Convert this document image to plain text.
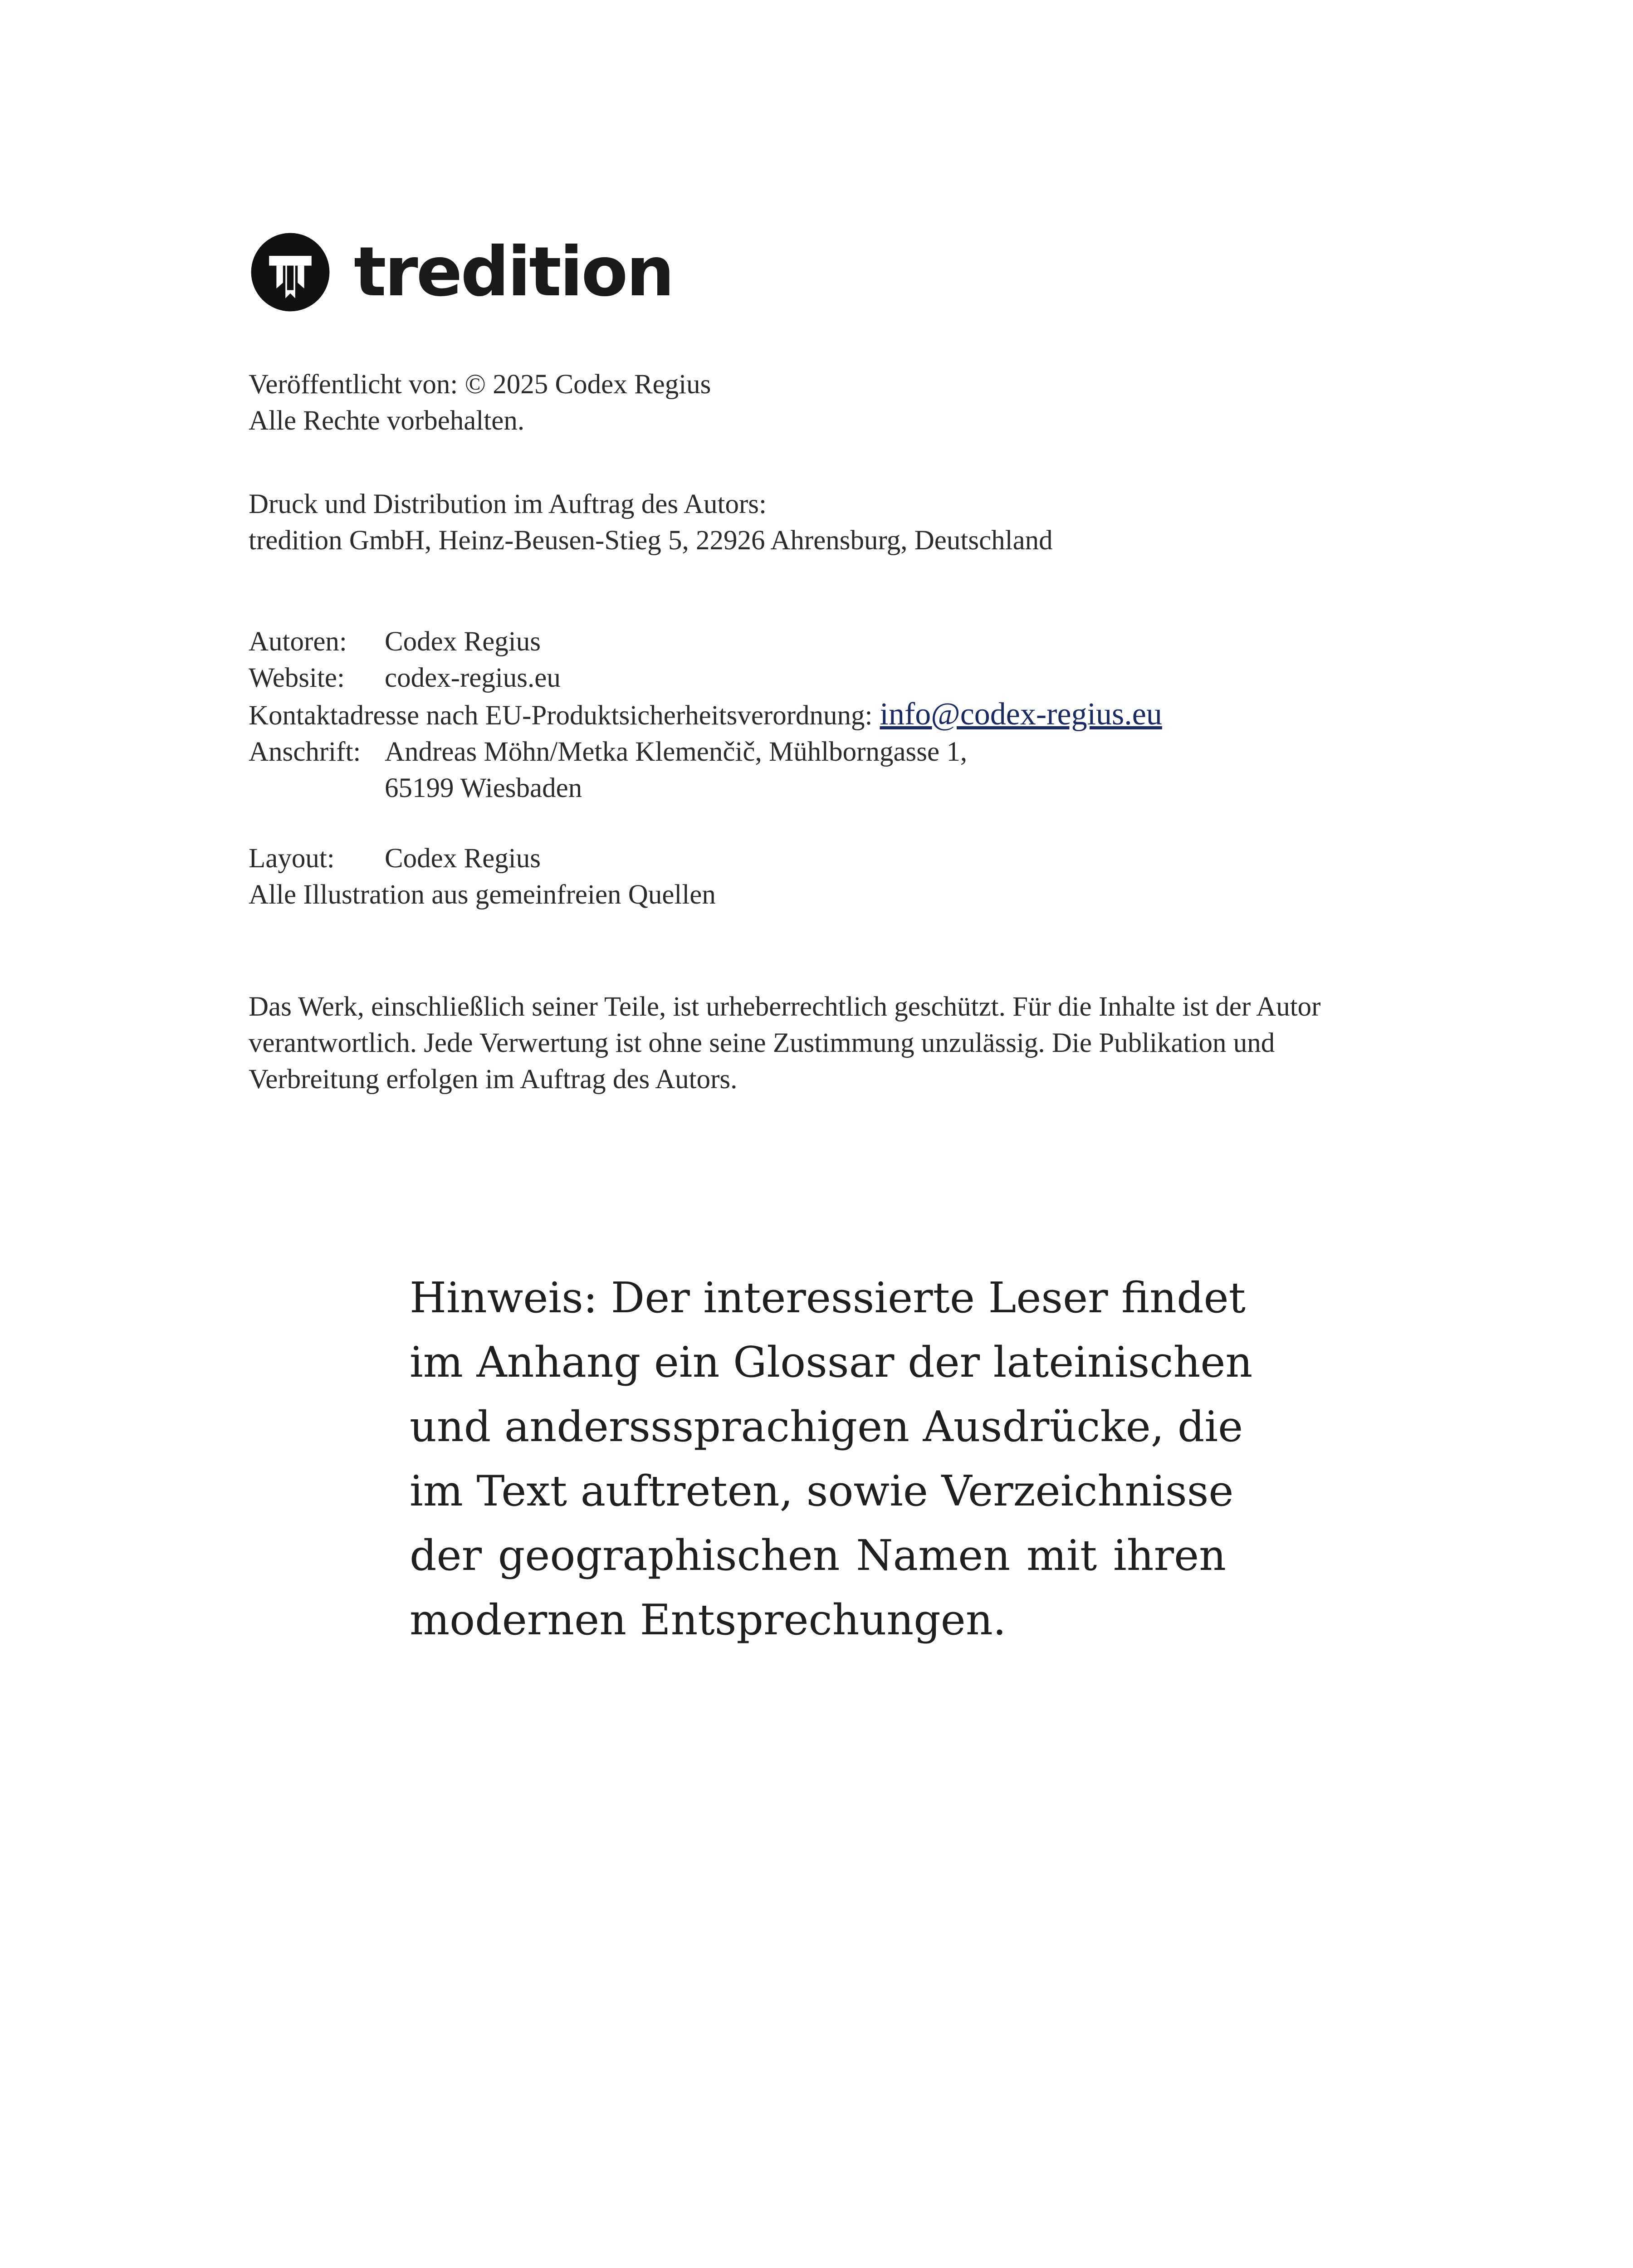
tredition
Veröffentlicht von: © 2025 Codex Regius
Alle Rechte vorbehalten.
Druck und Distribution im Auftrag des Autors:
tredition GmbH, Heinz-Beusen-Stieg 5, 22926 Ahrensburg, Deutschland
Autoren:	Codex Regius
Website:	codex-regius.eu
Kontaktadresse nach EU-Produktsicherheitsverordnung: info@codex-regius.eu
Anschrift: Andreas Möhn/Metka Klemenčič, Mühlborngasse 1,
65199 Wiesbaden
Layout:	Codex Regius
Alle Illustration aus gemeinfreien Quellen

Das Werk, einschließlich seiner Teile, ist urheberrechtlich geschützt. Für die Inhalte ist der Autor

verantwortlich. Jede Verwertung ist ohne seine Zustimmung unzulässig. Die Publikation und

Verbreitung erfolgen im Auftrag des Autors.

Hinweis: Der interessierte Leser findet
im Anhang ein Glossar der lateinischen
und andersssprachigen Ausdrücke, die
im Text auftreten, sowie Verzeichnisse
der geographischen Namen mit ihren
modernen Entsprechungen.
